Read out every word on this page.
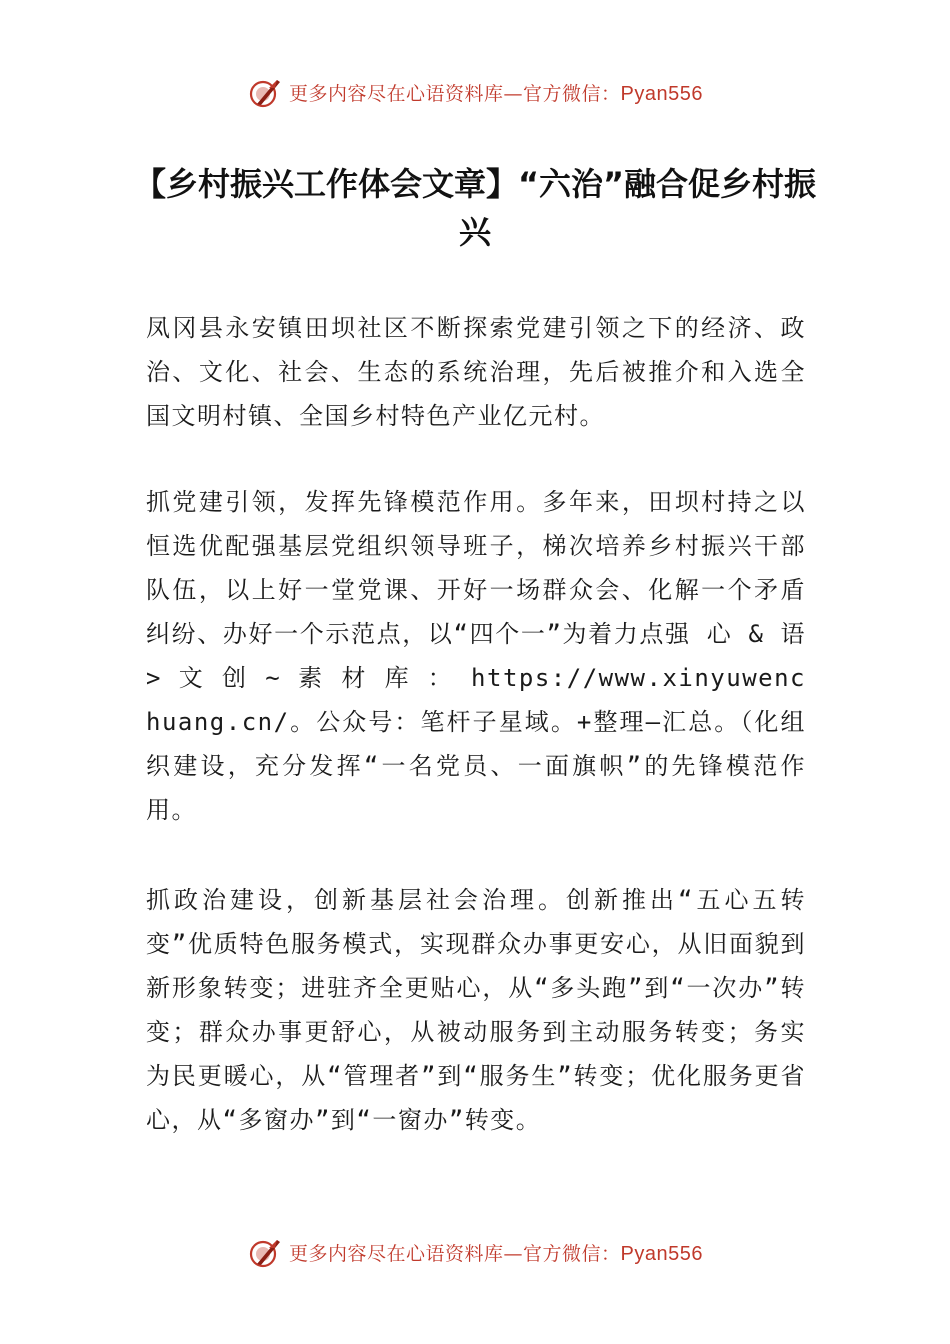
更多内容尽在心语资料库—官方微信：Pyan556
【乡村振兴工作体会文章】“六治”融合促乡村振兴
凤冈县永安镇田坝社区不断探索党建引领之下的经济、政治、文化、社会、生态的系统治理，先后被推介和入选全国文明村镇、全国乡村特色产业亿元村。
抓党建引领，发挥先锋模范作用。多年来，田坝村持之以恒选优配强基层党组织领导班子，梯次培养乡村振兴干部队伍，以上好一堂党课、开好一场群众会、化解一个矛盾纠纷、办好一个示范点，以“四个一”为着力点强 心 & 语 > 文 创 ~ 素 材 库 ： https://www.xinyuwenchuang.cn/。公众号：笔杆子星域。+整理—汇总。（化组织建设，充分发挥“一名党员、一面旗帜”的先锋模范作用。
抓政治建设，创新基层社会治理。创新推出“五心五转变”优质特色服务模式，实现群众办事更安心，从旧面貌到新形象转变；进驻齐全更贴心，从“多头跑”到“一次办”转变；群众办事更舒心，从被动服务到主动服务转变；务实为民更暖心，从“管理者”到“服务生”转变；优化服务更省心，从“多窗办”到“一窗办”转变。
更多内容尽在心语资料库—官方微信：Pyan556
